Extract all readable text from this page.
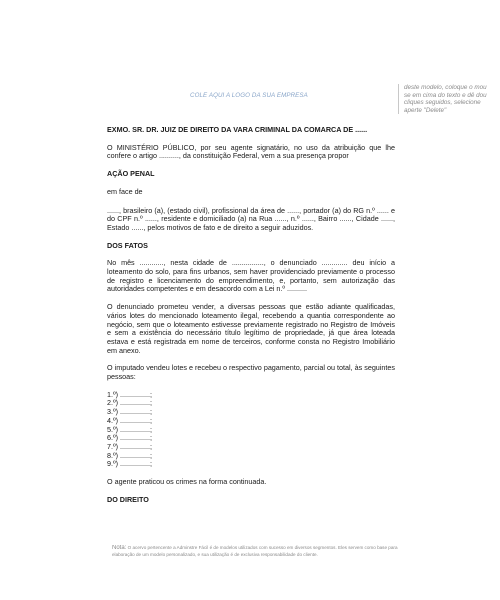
COLE AQUI A LOGO DA SUA EMPRESA
deste modelo, coloque o mou
se em cima do texto e dê dou
cliques seguidos, selecione
apertе "Delete"

EXMO. SR. DR. JUIZ DE DIREITO DA VARA CRIMINAL DA COMARCA DE ......

O MINISTÉRIO PÚBLICO, por seu agente signatário, no uso da atribuição que lhe confere o artigo .........., da constituição Federal, vem a sua presença propor

AÇÃO PENAL

em face de

......, brasileiro (a), (estado civil), profissional da área de ......, portador (a) do RG n.º ...... e do CPF n.º ......, residente e domiciliado (a) na Rua ......, n.º ......, Bairro ......, Cidade ......, Estado ......, pelos motivos de fato e de direito a seguir aduzidos.

DOS FATOS

No mês ............, nesta cidade de ................, o denunciado ............. deu início a loteamento do solo, para fins urbanos, sem haver providenciado previamente o processo de registro e licenciamento do empreendimento, e, portanto, sem autorização das autoridades competentes e em desacordo com a Lei n.º ..........

O denunciado prometeu vender, a diversas pessoas que estão adiante qualificadas, vários lotes do mencionado loteamento ilegal, recebendo a quantia correspondente ao negócio, sem que o loteamento estivesse previamente registrado no Registro de Imóveis e sem a existência do necessário título legítimo de propriedade, já que área loteada estava e está registrada em nome de terceiros, conforme consta no Registro Imobiliário em anexo.

O imputado vendeu lotes e recebeu o respectivo pagamento, parcial ou total, às seguintes pessoas:

1.º) ...............;

2.º) ...............;

3.º) ...............;

4.º) ...............;

5.º) ...............;

6.º) ...............;

7.º) ...............;

8.º) ...............;

9.º) ...............;

O agente praticou os crimes na forma continuada.

DO DIREITO

Nota: O acervo pertencente a Adminstre Fácil é de modelos utilizados com sucesso em diversos segmentos. Eles servem como base para elaboração de um modelo personalizado, e sua utilização é de exclusiva responsabilidade do cliente.
